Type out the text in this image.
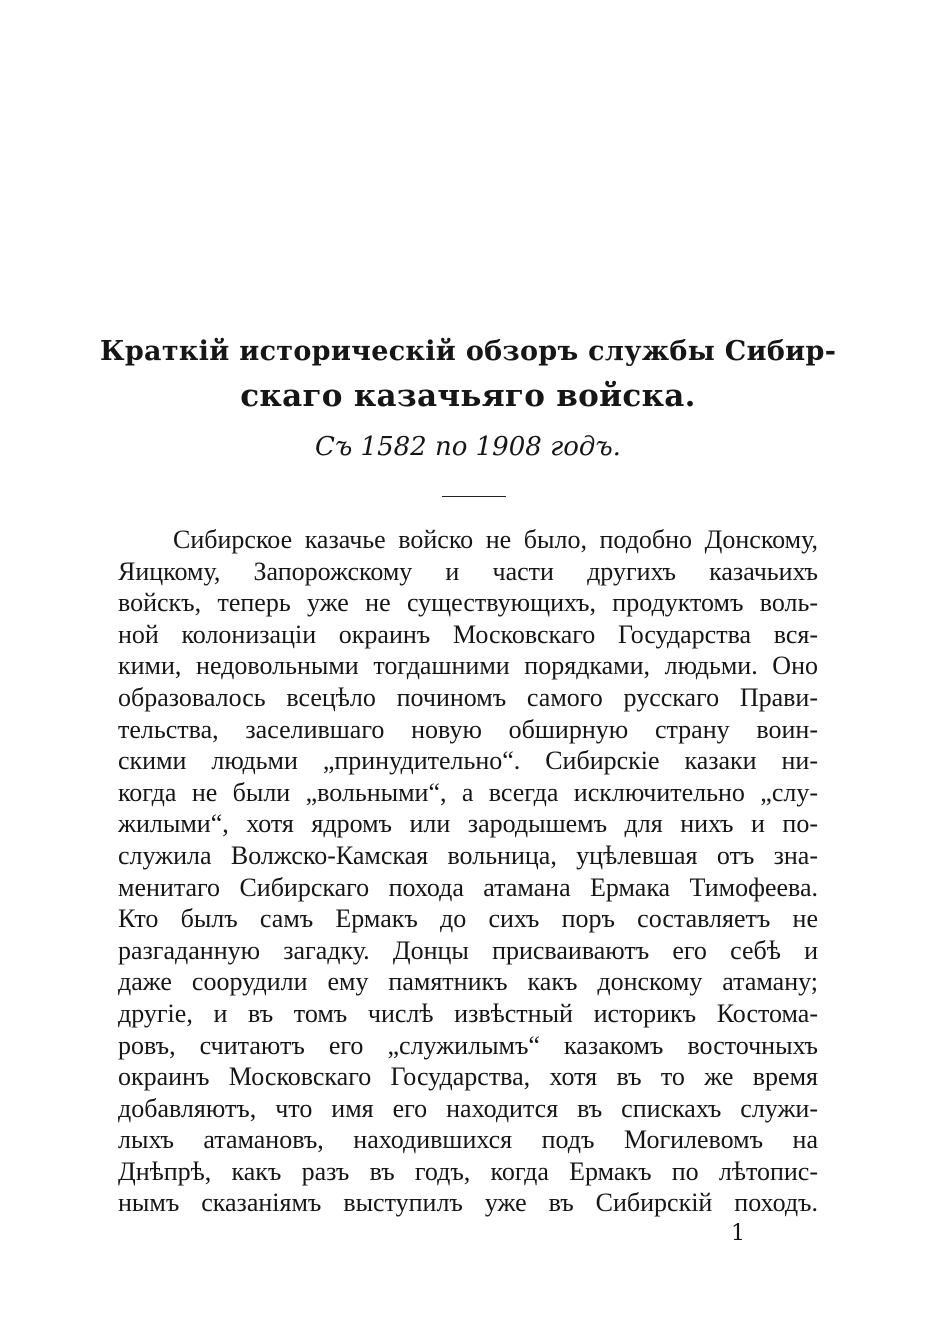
Краткій историческій обзоръ службы Сибир-
скаго казачьяго войска.
Съ 1582 по 1908 годъ.
Сибирское казачье войско не было, подобно Донскому,
Яицкому, Запорожскому и части другихъ казачьихъ
войскъ, теперь уже не существующихъ, продуктомъ воль-
ной колонизаціи окраинъ Московскаго Государства вся-
кими, недовольными тогдашними порядками, людьми. Оно
образовалось всецѣло починомъ самого русскаго Прави-
тельства, заселившаго новую обширную страну воин-
скими людьми „принудительно“. Сибирскіе казаки ни-
когда не были „вольными“, а всегда исключительно „слу-
жилыми“, хотя ядромъ или зародышемъ для нихъ и по-
служила Волжско-Камская вольница, уцѣлевшая отъ зна-
менитаго Сибирскаго похода атамана Ермака Тимофеева.
Кто былъ самъ Ермакъ до сихъ поръ составляетъ не
разгаданную загадку. Донцы присваиваютъ его себѣ и
даже соорудили ему памятникъ какъ донскому атаману;
другіе, и въ томъ числѣ извѣстный историкъ Костома-
ровъ, считаютъ его „служилымъ“ казакомъ восточныхъ
окраинъ Московскаго Государства, хотя въ то же время
добавляютъ, что имя его находится въ спискахъ служи-
лыхъ атамановъ, находившихся подъ Могилевомъ на
Днѣпрѣ, какъ разъ въ годъ, когда Ермакъ по лѣтопис-
нымъ сказаніямъ выступилъ уже въ Сибирскій походъ.
1
